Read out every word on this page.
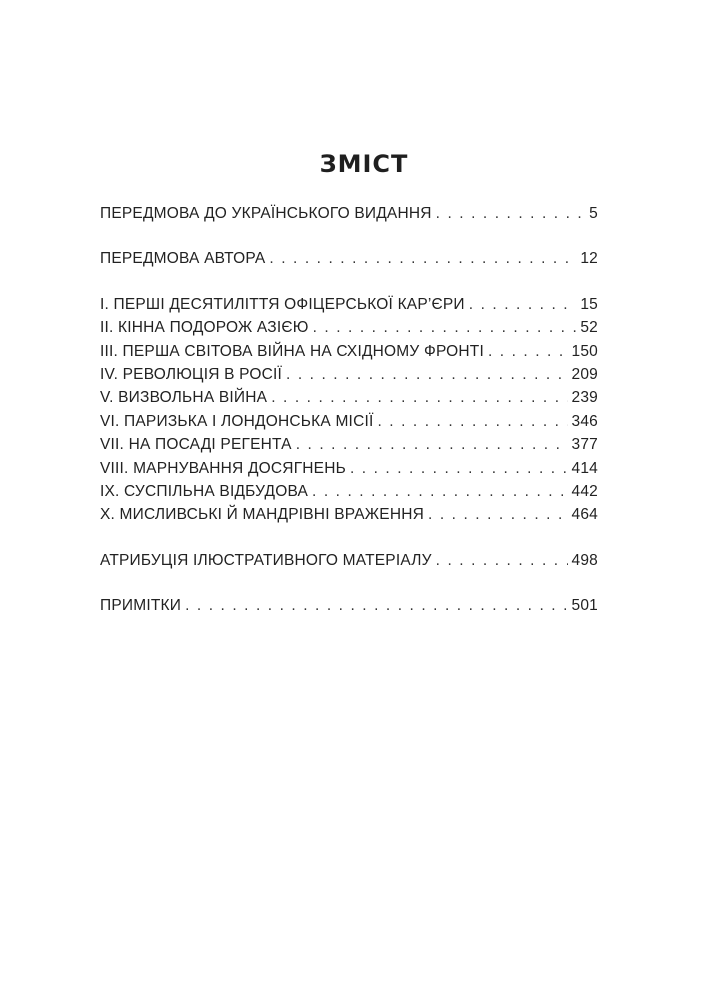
ЗМІСТ
ПЕРЕДМОВА ДО УКРАЇНСЬКОГО ВИДАННЯ . . .	5
ПЕРЕДМОВА АВТОРА . . .	12
І. ПЕРШІ ДЕСЯТИЛІТТЯ ОФІЦЕРСЬКОЇ КАР’ЄРИ . . .	15
ІІ. КІННА ПОДОРОЖ АЗІЄЮ . . .	52
ІІІ. ПЕРША СВІТОВА ВІЙНА НА СХІДНОМУ ФРОНТІ . . .	150
IV. РЕВОЛЮЦІЯ В РОСІЇ . . .	209
V. ВИЗВОЛЬНА ВІЙНА . . .	239
VI. ПАРИЗЬКА І ЛОНДОНСЬКА МІСІЇ . . .	346
VII. НА ПОСАДІ РЕГЕНТА . . .	377
VIII. МАРНУВАННЯ ДОСЯГНЕНЬ . . .	414
IX. СУСПІЛЬНА ВІДБУДОВА . . .	442
X. МИСЛИВСЬКІ Й МАНДРІВНІ ВРАЖЕННЯ . . .	464
АТРИБУЦІЯ ІЛЮСТРАТИВНОГО МАТЕРІАЛУ . . .	498
ПРИМІТКИ . . .	501
